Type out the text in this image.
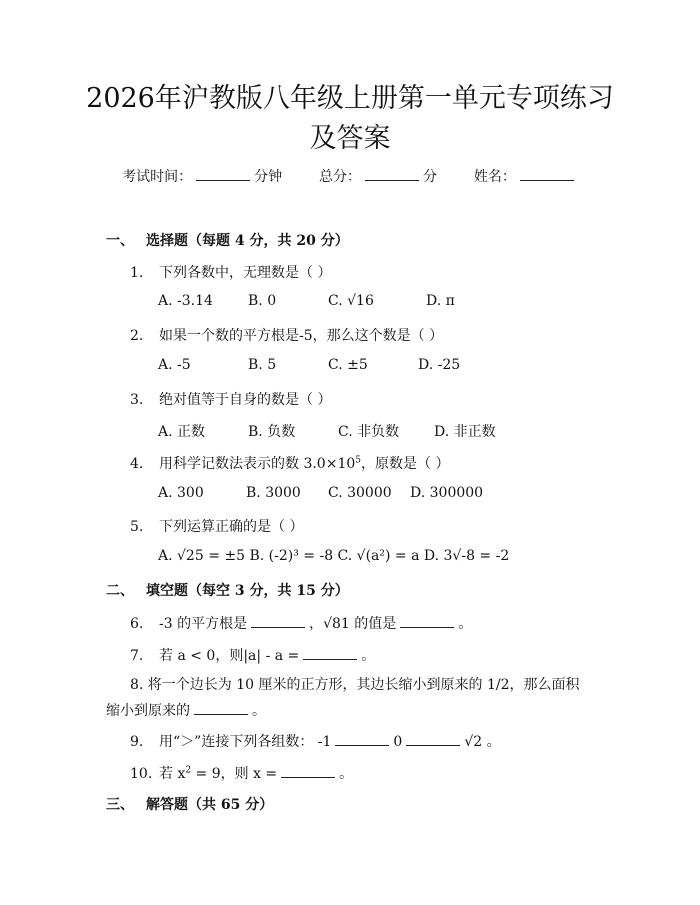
2026年沪教版八年级上册第一单元专项练习
及答案
考试时间：	分钟	总分：	分	姓名：
一、 选择题（每题 4 分，共 20 分）
1. 下列各数中，无理数是（ ）
A. -3.14	B. 0	C. √16	D. π
2. 如果一个数的平方根是-5，那么这个数是（ ）
A. -5	B. 5	C. ±5	D. -25
3. 绝对值等于自身的数是（ ）
A. 正数	B. 负数	C. 非负数 D. 非正数
4. 用科学记数法表示的数 $3.0\times 10^5$，原数是（ ）
A. 300	B. 3000 C. 30000 D. 300000
5. 下列运算正确的是（ ）
A. √25 = ±5 B. (-2)³ = -8 C. √(a²) = a D. 3√-8 = -2
二、 填空题（每空 3 分，共 15 分）
6. -3 的平方根是	，√81 的值是	。
7. 若 a < 0，则|a| - a =	。
8. 将一个边长为 10 厘米的正方形，其边长缩小到原来的 1/2，那么面积缩小到原来的	。
9. 用“＞”连接下列各组数： -1	0	√2 。
10. 若 $x^2 = 9$，则 x =	。
三、 解答题（共 65 分）
